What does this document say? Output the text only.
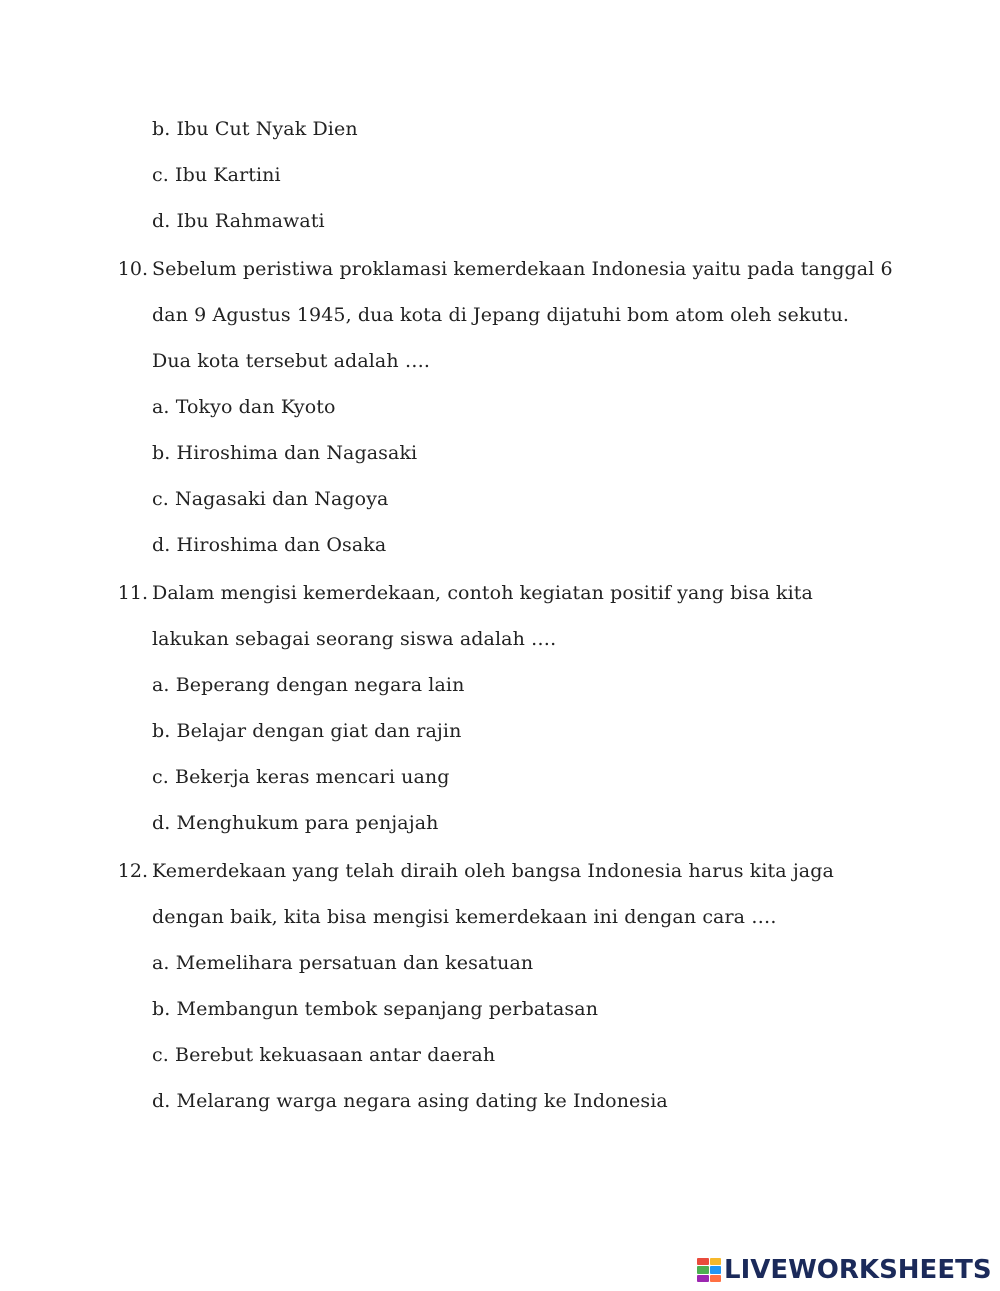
b. Ibu Cut Nyak Dien
c. Ibu Kartini
d. Ibu Rahmawati
10. Sebelum peristiwa proklamasi kemerdekaan Indonesia yaitu pada tanggal 6
dan 9 Agustus 1945, dua kota di Jepang dijatuhi bom atom oleh sekutu.
Dua kota tersebut adalah ….
a. Tokyo dan Kyoto
b. Hiroshima dan Nagasaki
c. Nagasaki dan Nagoya
d. Hiroshima dan Osaka
11. Dalam mengisi kemerdekaan, contoh kegiatan positif yang bisa kita
lakukan sebagai seorang siswa adalah ….
a. Beperang dengan negara lain
b. Belajar dengan giat dan rajin
c. Bekerja keras mencari uang
d. Menghukum para penjajah
12. Kemerdekaan yang telah diraih oleh bangsa Indonesia harus kita jaga
dengan baik, kita bisa mengisi kemerdekaan ini dengan cara ….
a. Memelihara persatuan dan kesatuan
b. Membangun tembok sepanjang perbatasan
c. Berebut kekuasaan antar daerah
d. Melarang warga negara asing dating ke Indonesia
LIVEWORKSHEETS
